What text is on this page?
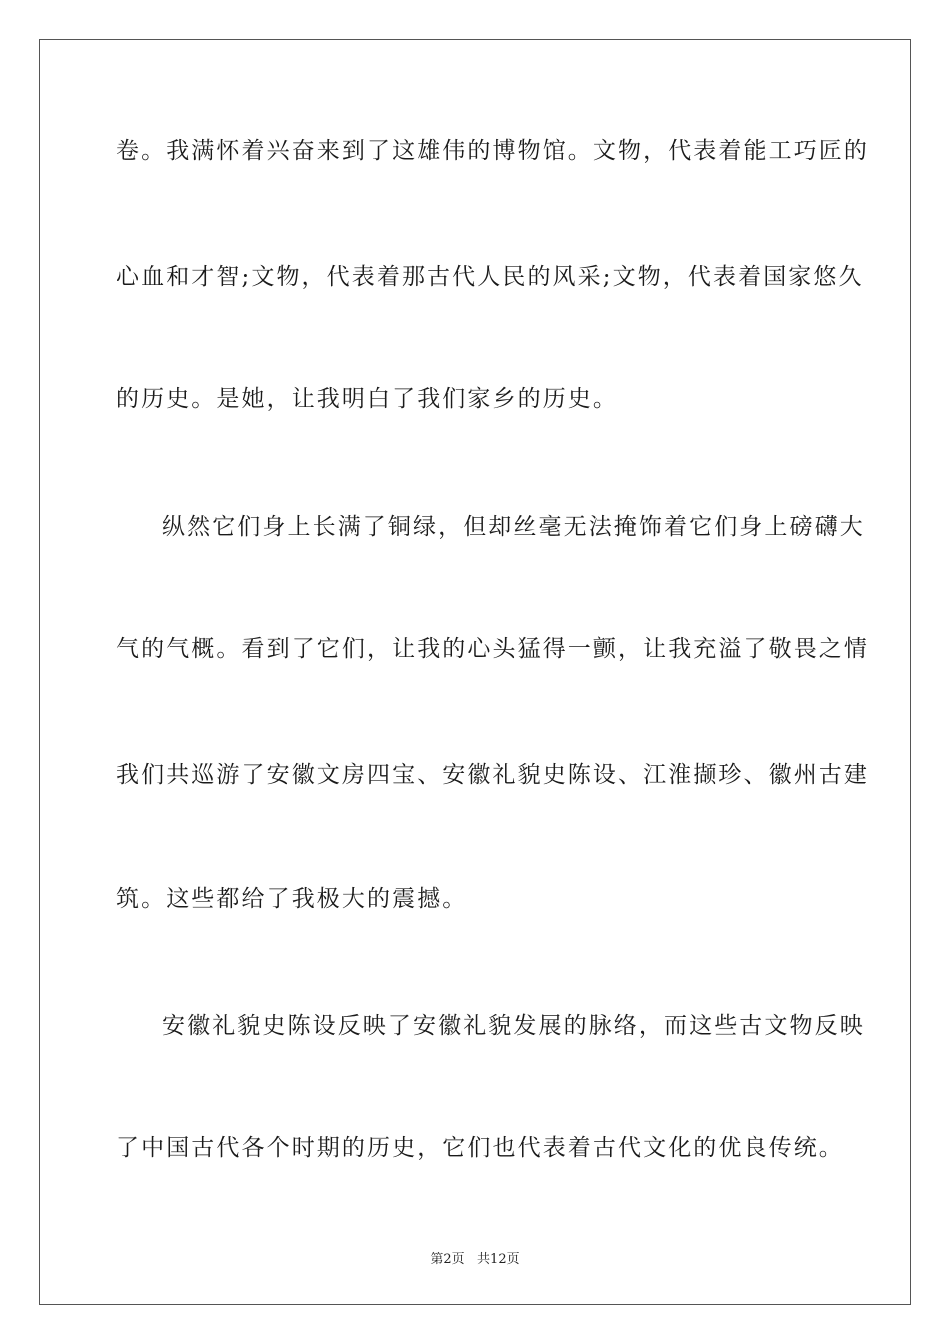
卷。我满怀着兴奋来到了这雄伟的博物馆。文物，代表着能工巧匠的
心血和才智;文物，代表着那古代人民的风采;文物，代表着国家悠久
的历史。是她，让我明白了我们家乡的历史。
纵然它们身上长满了铜绿，但却丝毫无法掩饰着它们身上磅礴大
气的气概。看到了它们，让我的心头猛得一颤，让我充溢了敬畏之情
我们共巡游了安徽文房四宝、安徽礼貌史陈设、江淮撷珍、徽州古建
筑。这些都给了我极大的震撼。
安徽礼貌史陈设反映了安徽礼貌发展的脉络，而这些古文物反映
了中国古代各个时期的历史，它们也代表着古代文化的优良传统。
第2页   共12页
